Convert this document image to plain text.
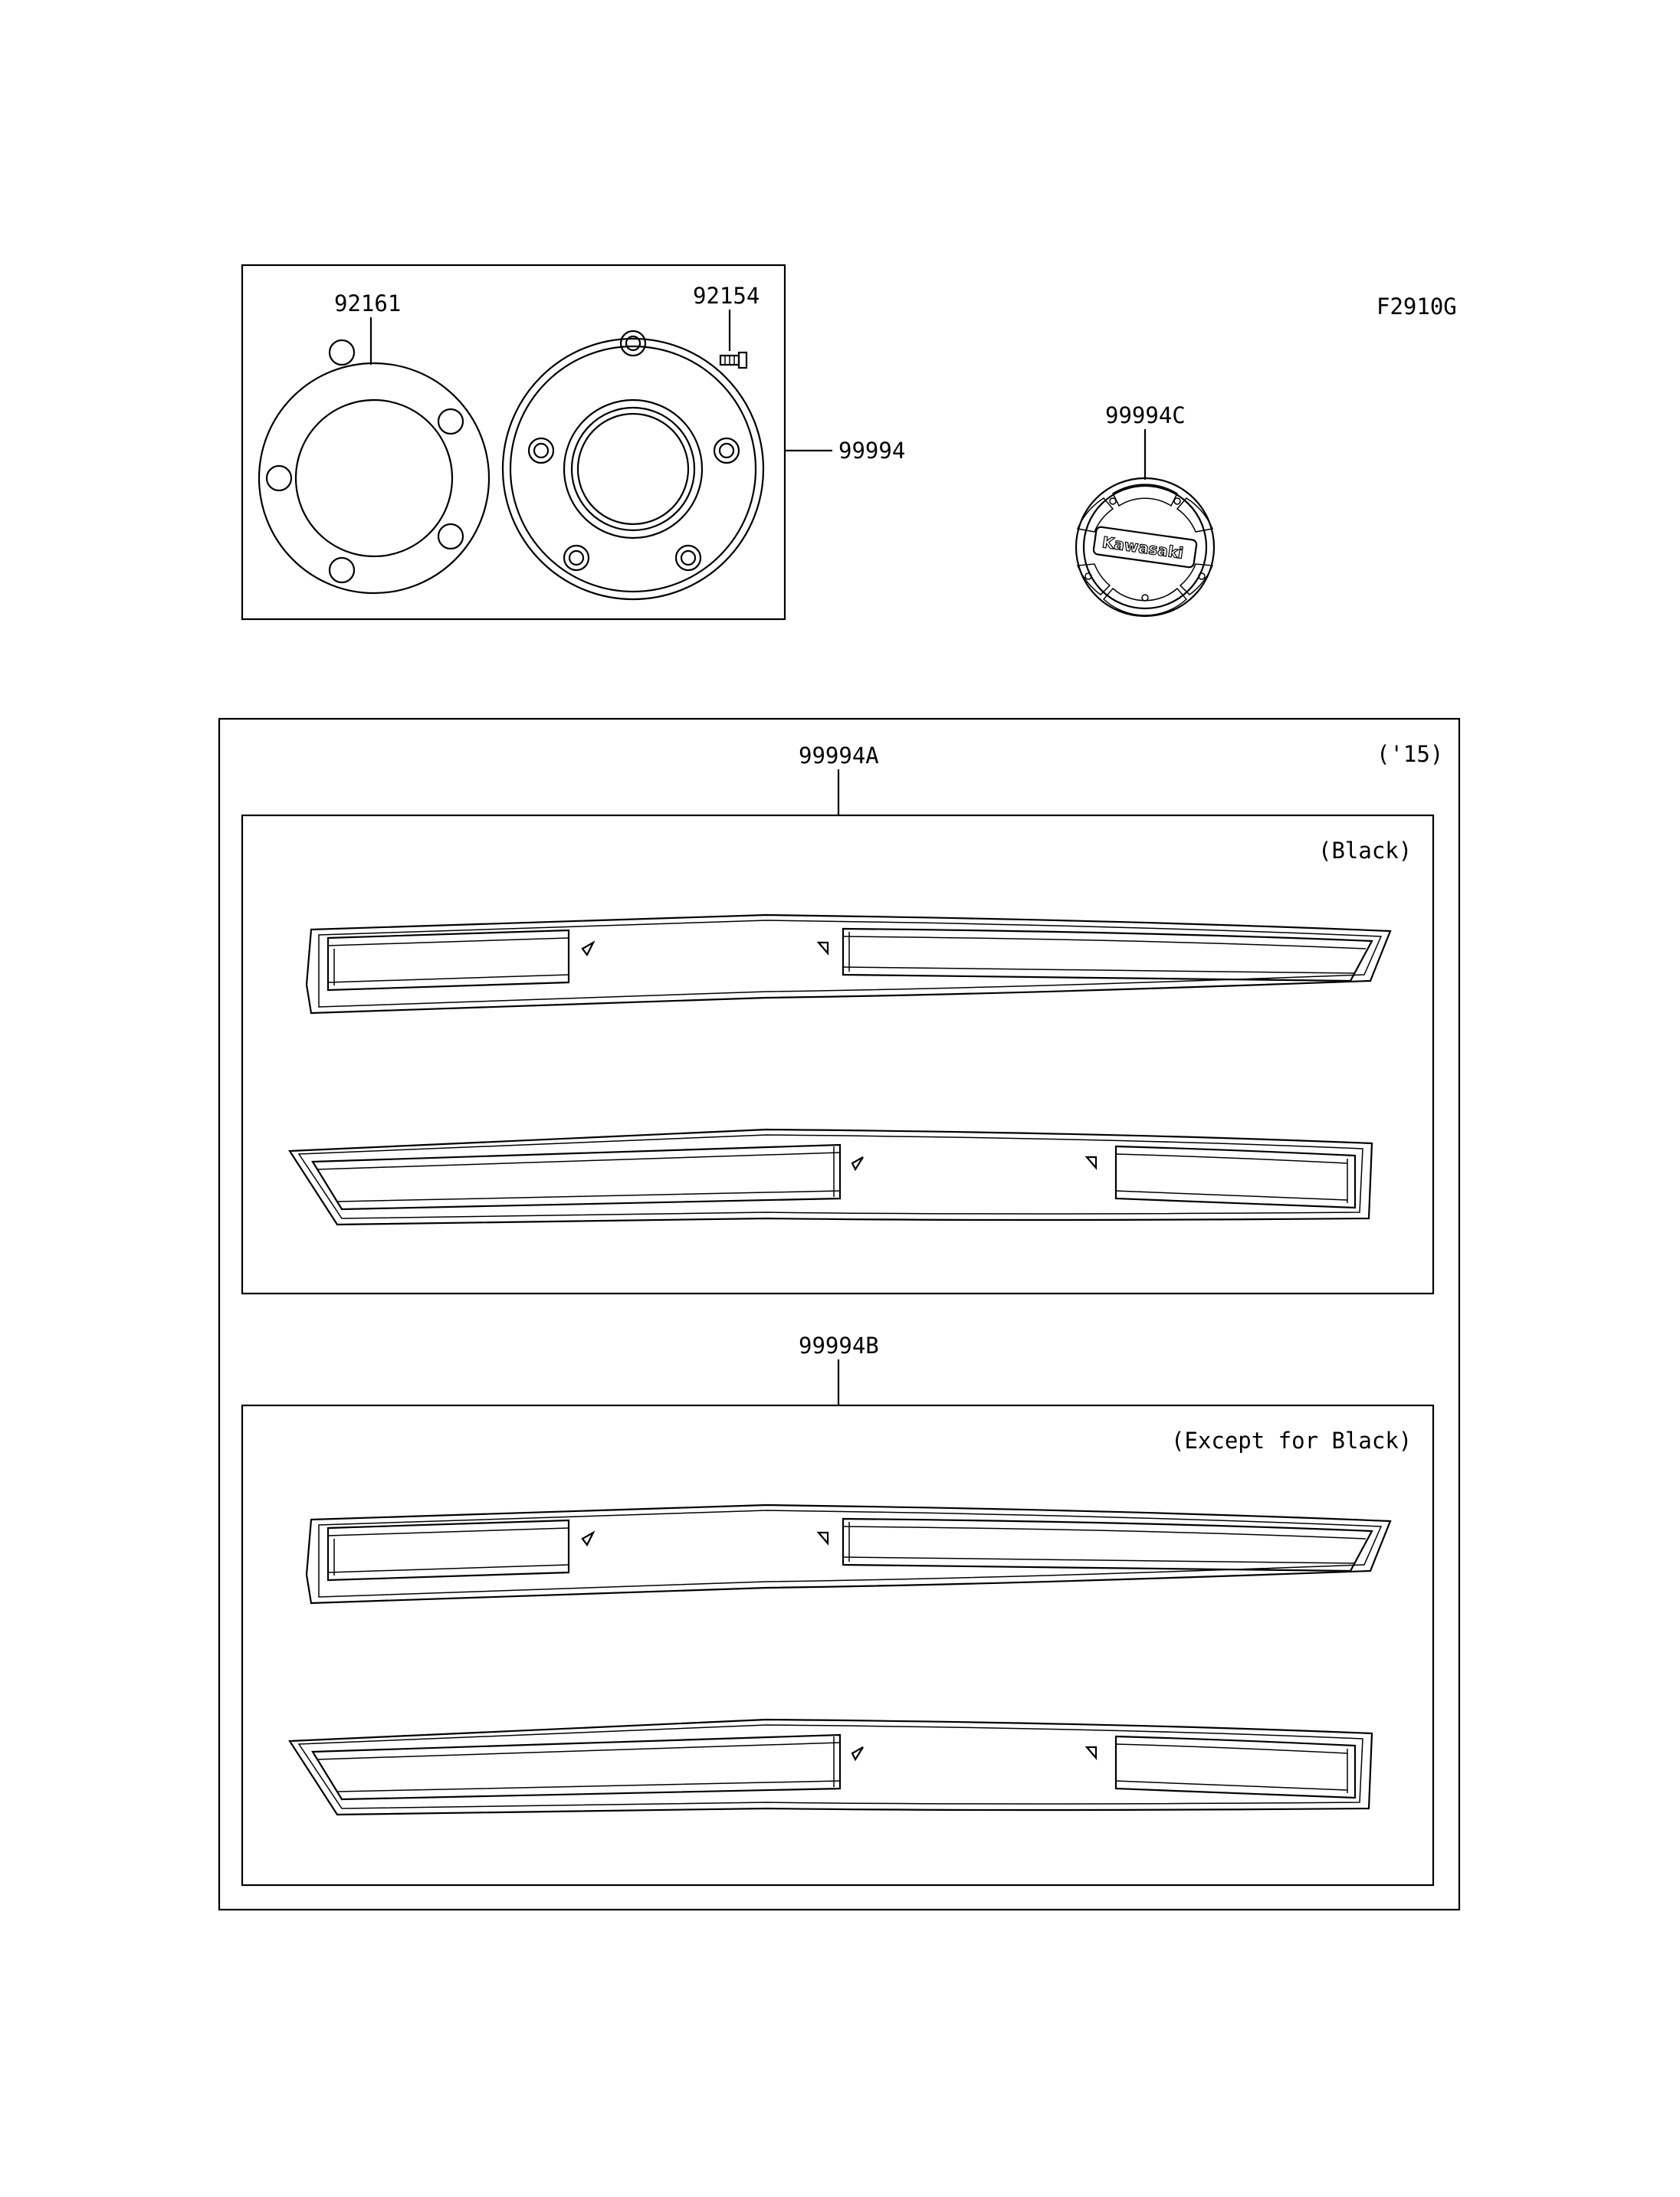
F2910G
92161	92154
99994
99994C
Kawasaki
('15)
99994A
(Black)
99994B
(Except for Black)
